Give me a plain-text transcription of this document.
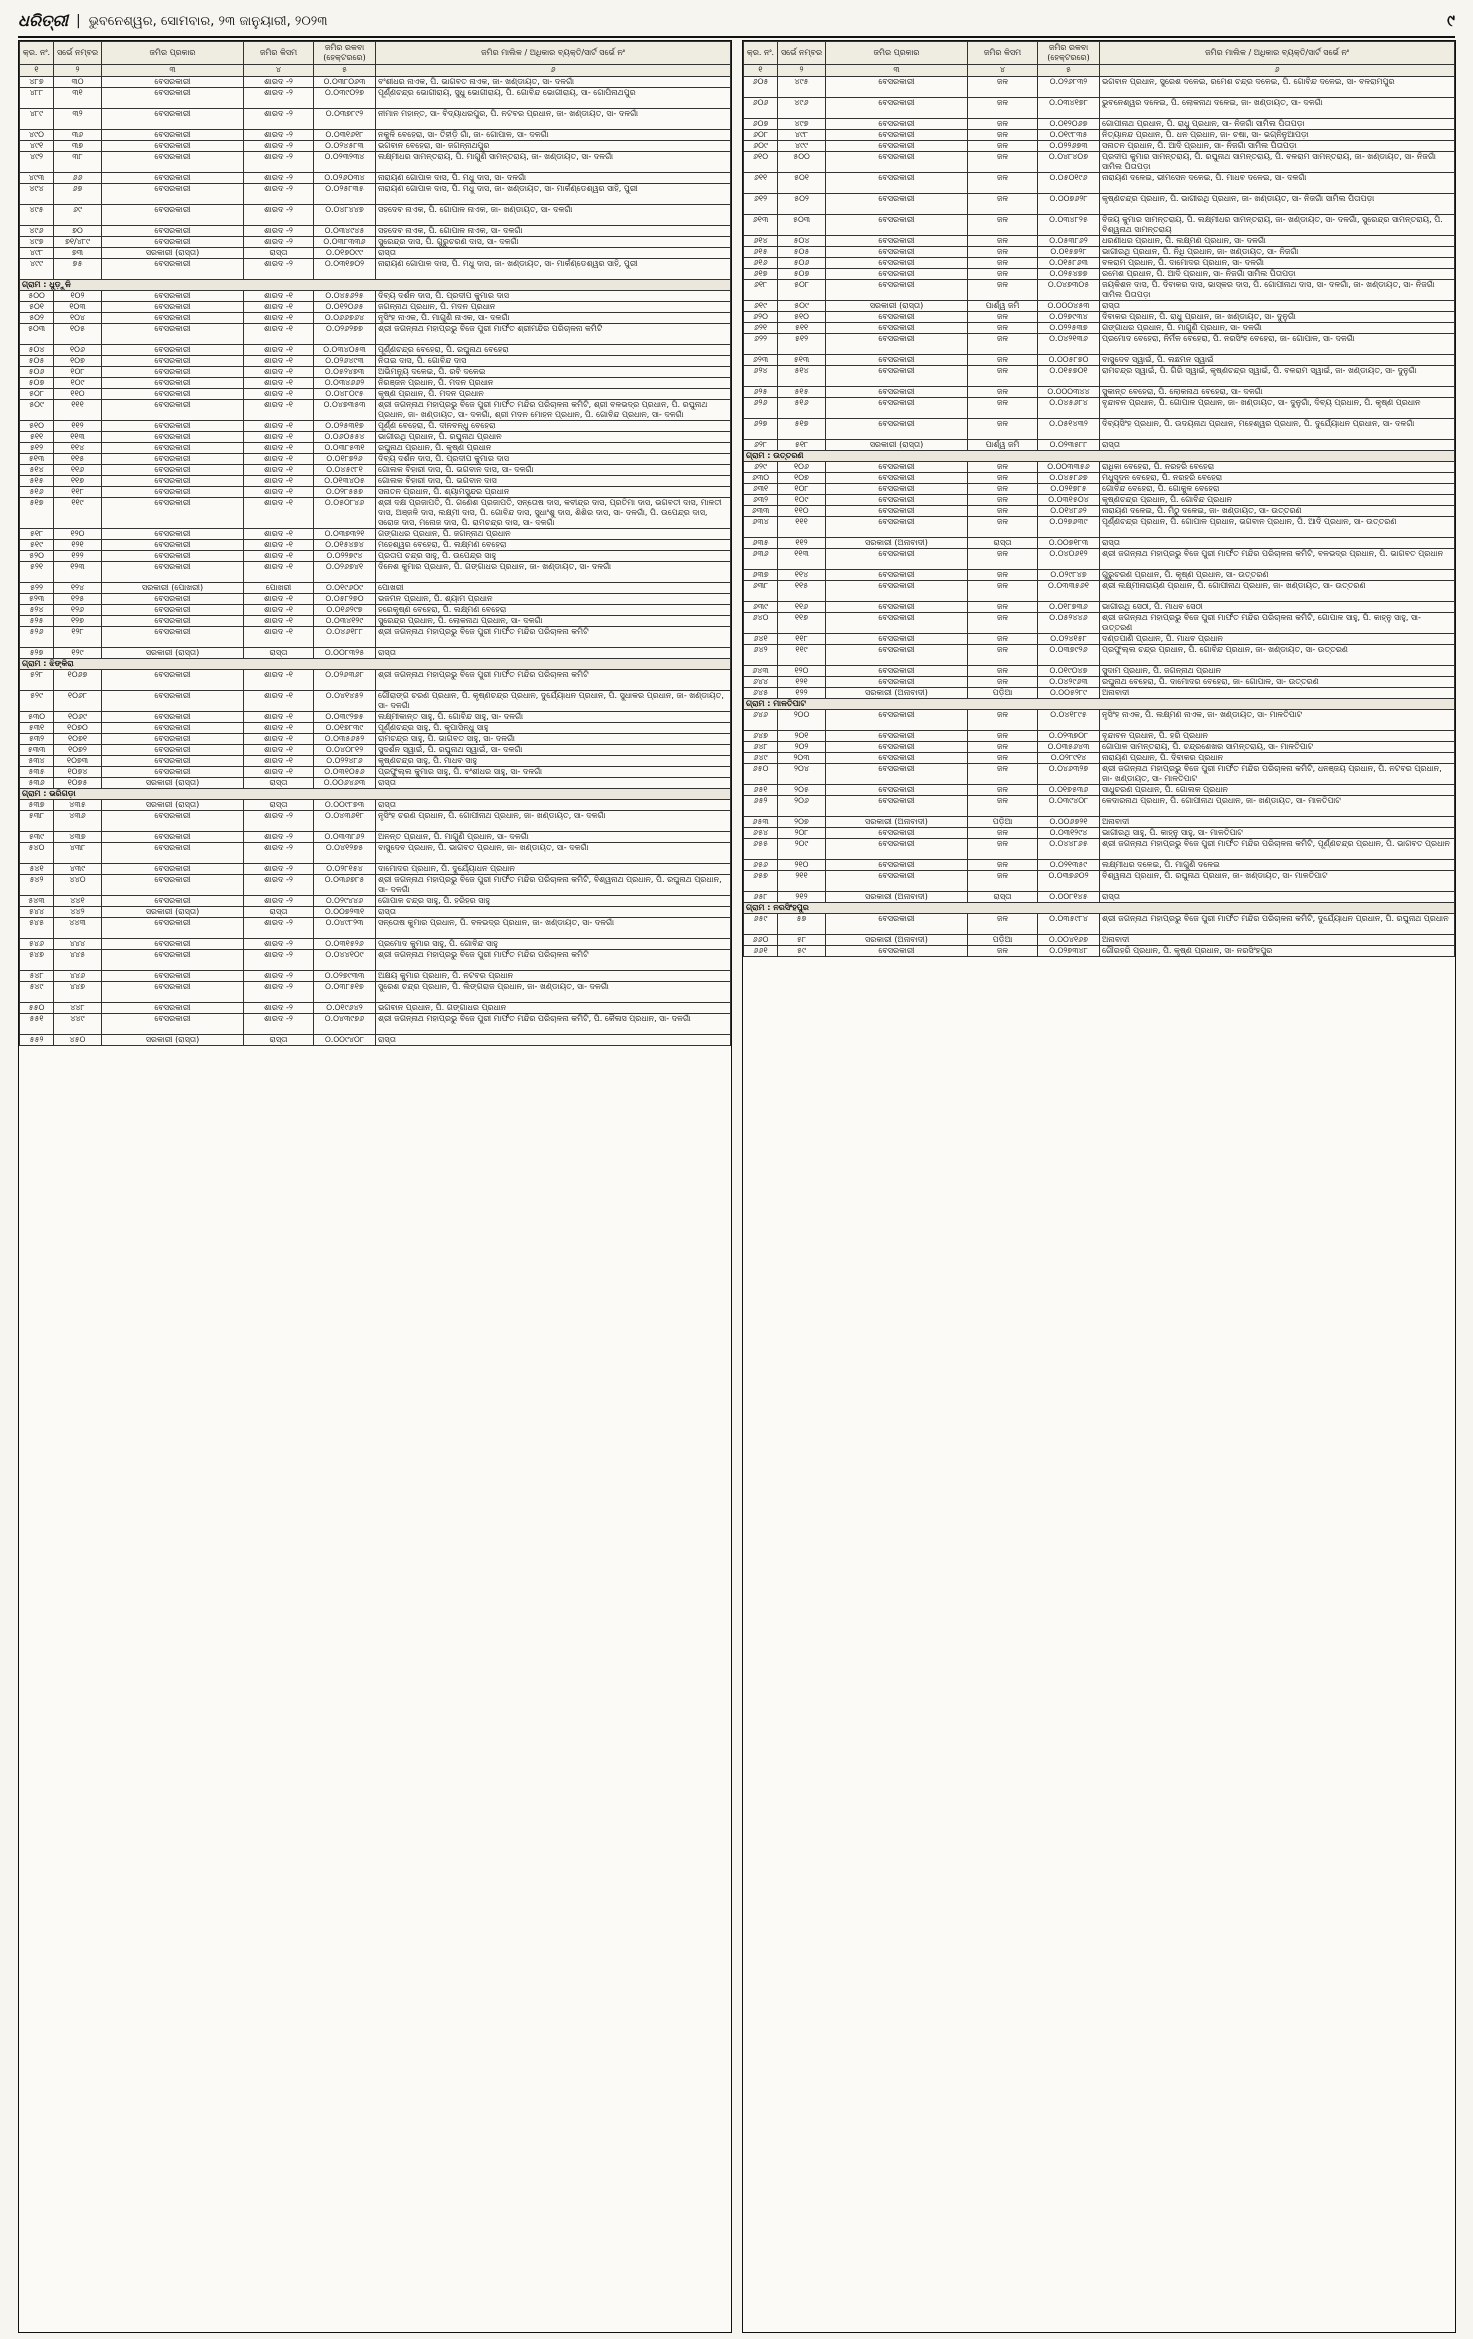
ଧରିତ୍ରୀ | ଭୁବନେଶ୍ୱର, ସୋମବାର, ୨୩ ଜାନୁୟାରୀ, ୨୦୨୩	୯
କ୍ର. ନଂ.	ସର୍ଭେ ନମ୍ବର	ଜମିର ପ୍ରକାର	ଜମିର କିସମ	ଜମିର ରକବା (ହେକ୍ଟରରେ)	ଜମିର ମାଲିକ / ଅଧିକାର ବ୍ୟକ୍ତି/ସାର୍ଟ ସର୍ଭେ ନଂ
୧	୨	୩	୪	୫	୬
୪୮୭	୩୦	ବେସରକାରୀ	ଶାରଦ -୨	୦.୦୩୮୦୬୩	ବଂଶୀଧର ନାଏକ, ପି. ଭାଗବତ ନାଏକ, ଜା- ଖଣ୍ଡାୟତ, ସା- ଦଳଗାଁ
୪୮୮	୩୧	ବେସରକାରୀ	ଶାରଦ -୨	୦.୦୩୯୦୨୭	ପୂର୍ଣ୍ଣଚନ୍ଦ୍ର ଭୋଗୀରାୟ, ସୁଧୁ ଭୋଗୀରାୟ, ପି. ଗୋବିନ୍ଦ ଭୋଗୀରାୟ, ସା- ଗୋପିନାଥପୁର
୪୮୯	୩୨	ବେସରକାରୀ	ଶାରଦ -୨	୦.୦୩୭୮୯୨	ନୀମାନ ମହାନ୍ତ, ସା- ବିଦ୍ୟାଧରପୁର, ପି. ନଟବର ପ୍ରଧାନ, ଜା- ଖଣ୍ଡାୟତ, ସା- ଦଳଗାଁ
୪୯୦	୩୬	ବେସରକାରୀ	ଶାରଦ -୨	୦.୦୩୧୬୧୮	ନକୁଳି ବେହେରା, ସା- ତିହୀଡ଼ି ଗାଁ, ଜା- ଗୋପାଳ, ସା- ଦଳଗାଁ
୪୯୧	୩୭	ବେସରକାରୀ	ଶାରଦ -୨	୦.୦୨୪୫୮୩	ଭଗବାନ ବେହେରା, ସା- ଜଗନ୍ନାଥପୁର
୪୯୨	୩୮	ବେସରକାରୀ	ଶାରଦ -୨	୦.୦୨୩୨୩୪	ଲକ୍ଷ୍ମୀଧର ସାମନ୍ତରାୟ, ପି. ମାଗୁଣି ସାମନ୍ତରାୟ, ଜା- ଖଣ୍ଡାୟତ, ସା- ଦଳଗାଁ
୪୯୩	୬୬	ବେସରକାରୀ	ଶାରଦ -୨	୦.୦୨୬୦୩୪	ନାରାୟଣ ଗୋପାଳ ଦାସ, ପି. ମଧୁ ଦାସ, ସା- ଦଳଗାଁ
୪୯୪	୬୭	ବେସରକାରୀ	ଶାରଦ -୨	୦.୦୨୫୮୩୫	ନାରାୟଣ ଗୋପାଳ ଦାସ, ପି. ମଧୁ ଦାସ, ଜା- ଖଣ୍ଡାୟତ, ସା- ମାର୍କଣ୍ଡେଶ୍ୱର ସାହି, ପୁରୀ
୪୯୫	୬୯	ବେସରକାରୀ	ଶାରଦ -୨	୦.୦୪୮୪୪୭	ସହଦେବ ନାଏକ, ପି. ଗୋପାଳ ନାଏକ, ଜା- ଖଣ୍ଡାୟତ, ସା- ଦଳଗାଁ
୪୯୬	୭୦	ବେସରକାରୀ	ଶାରଦ -୨	୦.୦୩୪୯୪୫	ସହଦେବ ନାଏକ, ପି. ଗୋପାଳ ନାଏକ, ସା- ଦଳଗାଁ
୪୯୭	୭୧/୪୮୯	ବେସରକାରୀ	ଶାରଦ -୨	୦.୦୩୮୩୩୬	ସୁରେନ୍ଦ୍ର ଦାସ, ପି. ଗୁରୁଚରଣ ଦାସ, ସା- ଦଳଗାଁ
୪୯୮	୭୩	ସରକାରୀ (ରାସ୍ତା)	ରାସ୍ତା	୦.୦୧୭୦୯୯	ରାସ୍ତା
୪୯୯	୭୫	ବେସରକାରୀ	ଶାରଦ -୨	୦.୦୩୧୭୦୨	ନାରାୟଣ ଗୋପାଳ ଦାସ, ପି. ମଧୁ ଦାସ, ଜା- ଖଣ୍ଡାୟତ, ସା- ମାର୍କଣ୍ଡେଶ୍ୱର ସାହି, ପୁରୀ
ଗ୍ରାମ : ଧୁଡ଼ୁଳି					
୫୦୦	୧୦୨	ବେସରକାରୀ	ଶାରଦ -୧	୦.୦୪୫୬୨୫	ଦିବ୍ୟ ଦର୍ଶନ ଦାସ, ପି. ପ୍ରଦୀପ କୁମାର ଦାସ
୫୦୧	୧୦୩	ବେସରକାରୀ	ଶାରଦ -୧	୦.୦୧୨୦୬୫	ଜଗନ୍ନାଥ ପ୍ରଧାନ, ପି. ମଦନ ପ୍ରଧାନ
୫୦୨	୧୦୪	ବେସରକାରୀ	ଶାରଦ -୧	୦.୦୬୬୭୬୪	ନୃସିଂହ ନାଏକ, ପି. ମାଗୁଣି ନାଏକ, ସା- ଦଳଗାଁ
୫୦୩	୧୦୫	ବେସରକାରୀ	ଶାରଦ -୧	୦.୦୨୬୨୭୭	ଶ୍ରୀ ଜଗନ୍ନାଥ ମହାପ୍ରଭୁ ବିଜେ ପୁରୀ ମାର୍ଫତ ଶ୍ରୀମନ୍ଦିର ପରିଚାଳନା କମିଟି
୫୦୪	୧୦୬	ବେସରକାରୀ	ଶାରଦ -୧	୦.୦୩୪୦୫୩	ପୂର୍ଣ୍ଣଚନ୍ଦ୍ର ବେହେରା, ପି. ରଘୁନାଥ ବେହେରା
୫୦୫	୧୦୭	ବେସରକାରୀ	ଶାରଦ -୧	୦.୦୨୬୪୯୩	ନିତାଇ ଦାସ, ପି. ଗୋବିନ୍ଦ ଦାସ
୫୦୬	୧୦୮	ବେସରକାରୀ	ଶାରଦ -୧	୦.୦୫୨୪୭୩	ଅଭିମନ୍ୟୁ ଦଳେଇ, ପି. ରବି ଦଳେଇ
୫୦୭	୧୦୯	ବେସରକାରୀ	ଶାରଦ -୧	୦.୦୩୪୬୬୨	ନିରଞ୍ଜନ ପ୍ରଧାନ, ପି. ମଦନ ପ୍ରଧାନ
୫୦୮	୧୧୦	ବେସରକାରୀ	ଶାରଦ -୧	୦.୦୪୮୦୯୫	କୃଷ୍ଣ ପ୍ରଧାନ, ପି. ମଦନ ପ୍ରଧାନ
୫୦୯	୧୧୧	ବେସରକାରୀ	ଶାରଦ -୧	୦.୦୪୭୩୫୩	ଶ୍ରୀ ଜଗନ୍ନାଥ ମହାପ୍ରଭୁ ବିଜେ ପୁରୀ ମାର୍ଫତ ମନ୍ଦିର ପରିଚାଳନା କମିଟି, ଶ୍ରୀ ବଳଭଦ୍ର ପ୍ରଧାନ, ପି. ରଘୁନାଥ ପ୍ରଧାନ, ଜା- ଖଣ୍ଡାୟତ, ସା- ଦଳଗାଁ, ଶ୍ରୀ ମଦନ ମୋହନ ପ୍ରଧାନ, ପି. ଗୋବିନ୍ଦ ପ୍ରଧାନ, ସା- ଦଳଗାଁ
୫୧୦	୧୧୨	ବେସରକାରୀ	ଶାରଦ -୧	୦.୦୨୫୩୧୭	ପୂର୍ଣ୍ଣ ବେହେରା, ପି. ଦୀନବନ୍ଧୁ ବେହେରା
୫୧୧	୧୧୩	ବେସରକାରୀ	ଶାରଦ -୧	୦.୦୬୦୫୫୪	ଭାଗୀରଥି ପ୍ରଧାନ, ପି. ରଘୁନାଥ ପ୍ରଧାନ
୫୧୨	୧୧୪	ବେସରକାରୀ	ଶାରଦ -୧	୦.୦୩୮୫୩୧	ରଘୁନାଥ ପ୍ରଧାନ, ପି. କୃଷ୍ଣ ପ୍ରଧାନ
୫୧୩	୧୧୫	ବେସରକାରୀ	ଶାରଦ -୧	୦.୦୧୮୭୨୬	ଦିବ୍ୟ ଦର୍ଶନ ଦାସ, ପି. ପ୍ରଦୀପ କୁମାର ଦାସ
୫୧୪	୧୧୬	ବେସରକାରୀ	ଶାରଦ -୧	୦.୦୪୫୯୮୧	ଗୋଲକ ବିହାରୀ ଦାସ, ପି. ଭଗବାନ ଦାସ, ସା- ଦଳଗାଁ
୫୧୫	୧୧୭	ବେସରକାରୀ	ଶାରଦ -୧	୦.୦୧୩୪୦୫	ଗୋଲକ ବିହାରୀ ଦାସ, ପି. ଭଗବାନ ଦାସ
୫୧୬	୧୧୮	ବେସରକାରୀ	ଶାରଦ -୧	୦.୦୨୮୫୫୭	ସନାତନ ପ୍ରଧାନ, ପି. ଶ୍ୟାମସୁନ୍ଦର ପ୍ରଧାନ
୫୧୭	୧୧୯	ବେସରକାରୀ	ଶାରଦ -୧	୦.୦୫୦୮୪୬	ଶ୍ରୀ ଦକ୍ଷ ପ୍ରଜାପତି, ପି. ଗଣେଶ ପ୍ରଜାପତି, ସନ୍ତୋଷ ଦାସ, କବୀନ୍ଦ୍ର ଦାସ, ପ୍ରତିମା ଦାସ, ଭଗବତୀ ଦାସ, ମାଳତୀ ଦାସ, ଅଞ୍ଜଳି ଦାସ, ଲକ୍ଷ୍ମୀ ଦାସ, ପି. ଗୋବିନ୍ଦ ଦାସ, ସୁଧାଂଶୁ ଦାସ, ଶିଶିର ଦାସ, ସା- ଦଳଗାଁ, ପି. ଉପେନ୍ଦ୍ର ଦାସ, ସରୋଜ ଦାସ, ମନୋଜ ଦାସ, ପି. ରାମଚନ୍ଦ୍ର ଦାସ, ସା- ଦଳଗାଁ
୫୧୮	୧୨୦	ବେସରକାରୀ	ଶାରଦ -୧	୦.୦୩୭୩୨୧	ଗଙ୍ଗାଧର ପ୍ରଧାନ, ପି. ଜଗନ୍ନାଥ ପ୍ରଧାନ
୫୧୯	୧୨୧	ବେସରକାରୀ	ଶାରଦ -୧	୦.୦୧୫୪୭୪	ମହେଶ୍ୱର ବେହେରା, ପି. ଲକ୍ଷ୍ମଣ ବେହେରା
୫୨୦	୧୨୨	ବେସରକାରୀ	ଶାରଦ -୧	୦.୦୨୨୭୯୪	ପ୍ରତାପ ଚନ୍ଦ୍ର ସାହୁ, ପି. ଉପେନ୍ଦ୍ର ସାହୁ
୫୨୧	୧୨୩	ବେସରକାରୀ	ଶାରଦ -୧	୦.୦୨୬୭୪୧	ଦିନେଶ କୁମାର ପ୍ରଧାନ, ପି. ଗଙ୍ଗାଧର ପ୍ରଧାନ, ଜା- ଖଣ୍ଡାୟତ, ସା- ଦଳଗାଁ
୫୨୨	୧୨୪	ସରକାରୀ (ପୋଖରୀ)	ପୋଖରୀ	୦.୦୧୯୬୦୯	ପୋଖରୀ
୫୨୩	୧୨୫	ବେସରକାରୀ	ଶାରଦ -୧	୦.୦୫୮୨୭୦	ଭଜମନ ପ୍ରଧାନ, ପି. ଶ୍ୟାମ ପ୍ରଧାନ
୫୨୪	୧୨୬	ବେସରକାରୀ	ଶାରଦ -୧	୦.୦୧୬୨୯୭	ହରେକୃଷ୍ଣ ବେହେରା, ପି. ଲକ୍ଷ୍ମଣ ବେହେରା
୫୨୫	୧୨୭	ବେସରକାରୀ	ଶାରଦ -୧	୦.୦୩୪୧୨୯	ସୁରେନ୍ଦ୍ର ପ୍ରଧାନ, ପି. ଲୋକନାଥ ପ୍ରଧାନ, ସା- ଦଳଗାଁ
୫୨୬	୧୨୮	ବେସରକାରୀ	ଶାରଦ -୧	୦.୦୪୬୧୮୮	ଶ୍ରୀ ଜଗନ୍ନାଥ ମହାପ୍ରଭୁ ବିଜେ ପୁରୀ ମାର୍ଫତ ମନ୍ଦିର ପରିଚାଳନା କମିଟି
୫୨୭	୧୨୯	ସରକାରୀ (ରାସ୍ତା)	ରାସ୍ତା	୦.୦୦୮୩୨୫	ରାସ୍ତା
ଗ୍ରାମ : ଝିଙ୍କିରା					
୫୨୮	୧୦୬୭	ବେସରକାରୀ	ଶାରଦ -୧	୦.୦୨୬୩୬୮	ଶ୍ରୀ ଜଗନ୍ନାଥ ମହାପ୍ରଭୁ ବିଜେ ପୁରୀ ମାର୍ଫତ ମନ୍ଦିର ପରିଚାଳନା କମିଟି
୫୨୯	୧୦୬୮	ବେସରକାରୀ	ଶାରଦ -୧	୦.୦୪୧୪୫୨	ଗୌରାଙ୍ଗ ଚରଣ ପ୍ରଧାନ, ପି. କୃଷ୍ଣଚନ୍ଦ୍ର ପ୍ରଧାନ, ଦୁର୍ଯ୍ୟୋଧନ ପ୍ରଧାନ, ପି. ସୁଧାକର ପ୍ରଧାନ, ଜା- ଖଣ୍ଡାୟତ, ସା- ଦଳଗାଁ
୫୩୦	୧୦୬୯	ବେସରକାରୀ	ଶାରଦ -୧	୦.୦୩୯୨୭୫	ଲକ୍ଷ୍ମୀକାନ୍ତ ସାହୁ, ପି. ଗୋବିନ୍ଦ ସାହୁ, ସା- ଦଳଗାଁ
୫୩୧	୧୦୭୦	ବେସରକାରୀ	ଶାରଦ -୧	୦.୦୧୭୮୩୯	ପୂର୍ଣ୍ଣଚନ୍ଦ୍ର ସାହୁ, ପି. କୃପାସିନ୍ଧୁ ସାହୁ
୫୩୨	୧୦୭୧	ବେସରକାରୀ	ଶାରଦ -୧	୦.୦୩୫୬୫୨	ରାମଚନ୍ଦ୍ର ସାହୁ, ପି. ଭାଗବତ ସାହୁ, ସା- ଦଳଗାଁ
୫୩୩	୧୦୭୨	ବେସରକାରୀ	ଶାରଦ -୧	୦.୦୪୦୮୧୨	ସୁଦର୍ଶନ ସ୍ୱାଇଁ, ପି. ରଘୁନାଥ ସ୍ୱାଇଁ, ସା- ଦଳଗାଁ
୫୩୪	୧୦୭୩	ବେସରକାରୀ	ଶାରଦ -୧	୦.୦୨୨୪୮୬	କୃଷ୍ଣଚନ୍ଦ୍ର ସାହୁ, ପି. ମାଧବ ସାହୁ
୫୩୫	୧୦୭୪	ବେସରକାରୀ	ଶାରଦ -୧	୦.୦୩୧୦୫୬	ପ୍ରଫୁଲ୍ଲ କୁମାର ସାହୁ, ପି. ବଂଶୀଧର ସାହୁ, ସା- ଦଳଗାଁ
୫୩୬	୧୦୭୫	ସରକାରୀ (ରାସ୍ତା)	ରାସ୍ତା	୦.୦୦୬୪୬୩	ରାସ୍ତା
ଗ୍ରାମ : ଭରିଗଡ଼ା					
୫୩୭	୪୩୫	ସରକାରୀ (ରାସ୍ତା)	ରାସ୍ତା	୦.୦୦୯୮୭୩	ରାସ୍ତା
୫୩୮	୪୩୬	ବେସରକାରୀ	ଶାରଦ -୨	୦.୦୪୩୬୧୮	ନୃସିଂହ ଚରଣ ପ୍ରଧାନ, ପି. ଗୋପୀନାଥ ପ୍ରଧାନ, ଜା- ଖଣ୍ଡାୟତ, ସା- ଦଳଗାଁ
୫୩୯	୪୩୭	ବେସରକାରୀ	ଶାରଦ -୨	୦.୦୩୩୮୬୨	ଅନନ୍ତ ପ୍ରଧାନ, ପି. ମାଗୁଣି ପ୍ରଧାନ, ସା- ଦଳଗାଁ
୫୪୦	୪୩୮	ବେସରକାରୀ	ଶାରଦ -୨	୦.୦୪୧୨୭୫	ବାସୁଦେବ ପ୍ରଧାନ, ପି. ଭାଗବତ ପ୍ରଧାନ, ଜା- ଖଣ୍ଡାୟତ, ସା- ଦଳଗାଁ
୫୪୧	୪୩୯	ବେସରକାରୀ	ଶାରଦ -୨	୦.୦୨୮୧୫୪	ଦାମୋଦର ପ୍ରଧାନ, ପି. ଦୁର୍ଯ୍ୟୋଧନ ପ୍ରଧାନ
୫୪୨	୪୪୦	ବେସରକାରୀ	ଶାରଦ -୨	୦.୦୩୬୭୮୫	ଶ୍ରୀ ଜଗନ୍ନାଥ ମହାପ୍ରଭୁ ବିଜେ ପୁରୀ ମାର୍ଫତ ମନ୍ଦିର ପରିଚାଳନା କମିଟି, ବିଶ୍ୱନାଥ ପ୍ରଧାନ, ପି. ରଘୁନାଥ ପ୍ରଧାନ, ସା- ଦଳଗାଁ
୫୪୩	୪୪୧	ବେସରକାରୀ	ଶାରଦ -୨	୦.୦୨୯୪୪୬	ଗୋପାଳ ଚନ୍ଦ୍ର ସାହୁ, ପି. ହରିହର ସାହୁ
୫୪୪	୪୪୨	ସରକାରୀ (ରାସ୍ତା)	ରାସ୍ତା	୦.୦୦୭୨୩୧	ରାସ୍ତା
୫୪୫	୪୪୩	ବେସରକାରୀ	ଶାରଦ -୨	୦.୦୪୯୮୨୩	ସନ୍ତୋଷ କୁମାର ପ୍ରଧାନ, ପି. ବଳଭଦ୍ର ପ୍ରଧାନ, ଜା- ଖଣ୍ଡାୟତ, ସା- ଦଳଗାଁ
୫୪୬	୪୪୪	ବେସରକାରୀ	ଶାରଦ -୨	୦.୦୩୧୫୨୬	ପ୍ରମୋଦ କୁମାର ସାହୁ, ପି. ଗୋବିନ୍ଦ ସାହୁ
୫୪୭	୪୪୫	ବେସରକାରୀ	ଶାରଦ -୨	୦.୦୪୪୧୦୯	ଶ୍ରୀ ଜଗନ୍ନାଥ ମହାପ୍ରଭୁ ବିଜେ ପୁରୀ ମାର୍ଫତ ମନ୍ଦିର ପରିଚାଳନା କମିଟି
୫୪୮	୪୪୬	ବେସରକାରୀ	ଶାରଦ -୨	୦.୦୨୭୯୩୩	ଅକ୍ଷୟ କୁମାର ପ୍ରଧାନ, ପି. ନଟବର ପ୍ରଧାନ
୫୪୯	୪୪୭	ବେସରକାରୀ	ଶାରଦ -୨	୦.୦୩୮୫୧୭	ସୁରେଶ ଚନ୍ଦ୍ର ପ୍ରଧାନ, ପି. ଲିଙ୍ଗରାଜ ପ୍ରଧାନ, ଜା- ଖଣ୍ଡାୟତ, ସା- ଦଳଗାଁ
୫୫୦	୪୪୮	ବେସରକାରୀ	ଶାରଦ -୨	୦.୦୧୯୬୪୨	ଭଗବାନ ପ୍ରଧାନ, ପି. ଗଙ୍ଗାଧର ପ୍ରଧାନ
୫୫୧	୪୪୯	ବେସରକାରୀ	ଶାରଦ -୨	୦.୦୪୩୯୭୬	ଶ୍ରୀ ଜଗନ୍ନାଥ ମହାପ୍ରଭୁ ବିଜେ ପୁରୀ ମାର୍ଫତ ମନ୍ଦିର ପରିଚାଳନା କମିଟି, ପି. କୈଳାସ ପ୍ରଧାନ, ସା- ଦଳଗାଁ
୫୫୨	୪୫୦	ସରକାରୀ (ରାସ୍ତା)	ରାସ୍ତା	୦.୦୦୯୪୦୮	ରାସ୍ତା
କ୍ର. ନଂ.	ସର୍ଭେ ନମ୍ବର	ଜମିର ପ୍ରକାର	ଜମିର କିସମ	ଜମିର ରକବା (ହେକ୍ଟରରେ)	ଜମିର ମାଲିକ / ଅଧିକାର ବ୍ୟକ୍ତି/ସାର୍ଟ ସର୍ଭେ ନଂ
୧	୨	୩	୪	୫	୬
୬୦୫	୪୯୫	ବେସରକାରୀ	ଜଳ	୦.୦୨୬୮୩୨	ଭଗବାନ ପ୍ରଧାନ, ସୁରେଶ ଦଳେଇ, ରମେଶ ଚନ୍ଦ୍ର ଦଳେଇ, ପି. ଗୋବିନ୍ଦ ଦଳେଇ, ସା- ବଳରାମପୁର
୬୦୬	୪୯୬	ବେସରକାରୀ	ଜଳ	୦.୦୩୪୧୭୮	ଭୁବନେଶ୍ୱର ଦଳେଇ, ପି. ଲୋକନାଥ ଦଳେଇ, ଜା- ଖଣ୍ଡାୟତ, ସା- ଦଳଗାଁ
୬୦୭	୪୯୭	ବେସରକାରୀ	ଜଳ	୦.୦୧୨୦୬୭	ଗୋପୀନାଥ ପ୍ରଧାନ, ପି. ରାଧୁ ପ୍ରଧାନ, ସା- ନିଜଗାଁ ସାମିଲ ପିତାପଡ଼ା
୬୦୮	୪୯୮	ବେସରକାରୀ	ଜଳ	୦.୦୧୯୮୩୫	ନିତ୍ୟାନନ୍ଦ ପ୍ରଧାନ, ପି. ଧନ ପ୍ରଧାନ, ଜା- ଚଷା, ସା- ଭଗ୍ନିନୁଆପଡ଼ା
୬୦୯	୪୯୯	ବେସରକାରୀ	ଜଳ	୦.୦୨୨୬୭୩	ସନାତନ ପ୍ରଧାନ, ପି. ଆଦି ପ୍ରଧାନ, ସା- ନିଜଗାଁ ସାମିଲ ପିତାପଡ଼ା
୬୧୦	୫୦୦	ବେସରକାରୀ	ଜଳ	୦.୦୪୮୪୦୭	ପ୍ରଦୀପ କୁମାର ସାମନ୍ତରାୟ, ପି. ରଘୁନାଥ ସାମନ୍ତରାୟ, ପି. ବଳରାମ ସାମନ୍ତରାୟ, ଜା- ଖଣ୍ଡାୟତ, ସା- ନିଜଗାଁ ସାମିଲ ପିତାପଡ଼ା
୬୧୧	୫୦୧	ବେସରକାରୀ	ଜଳ	୦.୦୫୦୧୯୬	ନାରାୟଣ ଦଳେଇ, ଭୀମସେନ ଦଳେଇ, ପି. ମାଧବ ଦଳେଇ, ସା- ଦଳଗାଁ
୬୧୨	୫୦୨	ବେସରକାରୀ	ଜଳ	୦.୦୦୭୬୨୮	କୃଷ୍ଣଚନ୍ଦ୍ର ପ୍ରଧାନ, ପି. ଭାଗୀରଥି ପ୍ରଧାନ, ଜା- ଖଣ୍ଡାୟତ, ସା- ନିଜଗାଁ ସାମିଲ ପିତାପଡ଼ା
୬୧୩	୫୦୩	ବେସରକାରୀ	ଜଳ	୦.୦୩୪୮୨୫	ବିଜୟ କୁମାର ସାମନ୍ତରାୟ, ପି. ଲକ୍ଷ୍ମୀଧର ସାମନ୍ତରାୟ, ଜା- ଖଣ୍ଡାୟତ, ସା- ଦଳଗାଁ, ସୁରେନ୍ଦ୍ର ସାମନ୍ତରାୟ, ପି. ବିଶ୍ୱନାଥ ସାମନ୍ତରାୟ
୬୧୪	୫୦୪	ବେସରକାରୀ	ଜଳ	୦.୦୫୩୮୬୨	ଧରଣୀଧର ପ୍ରଧାନ, ପି. ଲକ୍ଷ୍ମଣ ପ୍ରଧାନ, ସା- ଦଳଗାଁ
୬୧୫	୫୦୫	ବେସରକାରୀ	ଜଳ	୦.୦୧୫୭୨୮	ଭାଗୀରଥି ପ୍ରଧାନ, ପି. ନିଧି ପ୍ରଧାନ, ଜା- ଖଣ୍ଡାୟତ, ସା- ନିଜଗାଁ
୬୧୬	୫୦୬	ବେସରକାରୀ	ଜଳ	୦.୦୧୫୮୬୩	ବଳରାମ ପ୍ରଧାନ, ପି. ଦାମୋଦର ପ୍ରଧାନ, ସା- ଦଳଗାଁ
୬୧୭	୫୦୭	ବେସରକାରୀ	ଜଳ	୦.୦୨୫୪୭୭	ରମେଶ ପ୍ରଧାନ, ପି. ଆଦି ପ୍ରଧାନ, ସା- ନିଜଗାଁ ସାମିଲ ପିତାପଡ଼ା
୬୧୮	୫୦୮	ବେସରକାରୀ	ଜଳ	୦.୦୪୭୩୦୫	ଜୟକିଶନ ଦାସ, ପି. ଦିବାକର ଦାସ, ଭାସ୍କର ଦାସ, ପି. ଗୋପୀନାଥ ଦାସ, ସା- ଦଳଗାଁ, ଜା- ଖଣ୍ଡାୟତ, ସା- ନିଜଗାଁ ସାମିଲ ପିତାପଡ଼ା
୬୧୯	୫୦୯	ସରକାରୀ (ରାସ୍ତା)	ପାର୍ଶ୍ୱ ଜମି	୦.୦୦୦୪୫୩	ରାସ୍ତା
୬୨୦	୫୧୦	ବେସରକାରୀ	ଜଳ	୦.୦୨୭୯୩୪	ଦିବାକର ପ୍ରଧାନ, ପି. ରାଧୁ ପ୍ରଧାନ, ଜା- ଖଣ୍ଡାୟତ, ସା- ଦୁନୁଗାଁ
୬୨୧	୫୧୧	ବେସରକାରୀ	ଜଳ	୦.୦୨୨୫୩୭	ଗଙ୍ଗାଧର ପ୍ରଧାନ, ପି. ମାଗୁଣି ପ୍ରଧାନ, ସା- ଦଳଗାଁ
୬୨୨	୫୧୨	ବେସରକାରୀ	ଜଳ	୦.୦୪୨୧୩୬	ପ୍ରମୋଦ ବେହେରା, ନିର୍ମଳ ବେହେରା, ପି. ନରସିଂହ ବେହେରା, ଜା- ଗୋପାଳ, ସା- ଦଳଗାଁ
୬୨୩	୫୧୩	ବେସରକାରୀ	ଜଳ	୦.୦୦୫୮୭୦	ବାସୁଦେବ ସ୍ୱାଇଁ, ପି. ଲଛମନ ସ୍ୱାଇଁ
୬୨୪	୫୧୪	ବେସରକାରୀ	ଜଳ	୦.୦୧୫୭୦୧	ରାମଚନ୍ଦ୍ର ସ୍ୱାଇଁ, ପି. ଗିରି ସ୍ୱାଇଁ, କୃଷ୍ଣଚନ୍ଦ୍ର ସ୍ୱାଇଁ, ପି. ବଳରାମ ସ୍ୱାଇଁ, ଜା- ଖଣ୍ଡାୟତ, ସା- ଦୁନୁଗାଁ
୬୨୫	୫୧୫	ବେସରକାରୀ	ଜଳ	୦.୦୦୦୩୪୪	ସୁକାନ୍ତ ବେହେରା, ପି. ଲୋକନାଥ ବେହେରା, ସା- ଦଳଗାଁ
୬୨୬	୫୧୬	ବେସରକାରୀ	ଜଳ	୦.୦୪୫୬୮୪	ବୃନ୍ଦାବନ ପ୍ରଧାନ, ପି. ଗୋପାଳ ପ୍ରଧାନ, ଜା- ଖଣ୍ଡାୟତ, ସା- ଦୁନୁଗାଁ, ଦିବ୍ୟ ପ୍ରଧାନ, ପି. କୃଷ୍ଣ ପ୍ରଧାନ
୬୨୭	୫୧୭	ବେସରକାରୀ	ଜଳ	୦.୦୫୧୪୩୨	ଦିବ୍ୟସିଂହ ପ୍ରଧାନ, ପି. ଉଦୟନାଥ ପ୍ରଧାନ, ମହେଶ୍ୱର ପ୍ରଧାନ, ପି. ଦୁର୍ଯ୍ୟୋଧନ ପ୍ରଧାନ, ସା- ଦଳଗାଁ
୬୨୮	୫୧୮	ସରକାରୀ (ରାସ୍ତା)	ପାର୍ଶ୍ୱ ଜମି	୦.୦୨୩୫୮୮	ରାସ୍ତା
ଗ୍ରାମ : ଉତ୍ତରଣ					
୬୨୯	୧୦୬	ବେସରକାରୀ	ଜଳ	୦.୦୦୩୩୫୬	ରାଧିକା ବେହେରା, ପି. ନରହରି ବେହେରା
୬୩୦	୧୦୭	ବେସରକାରୀ	ଜଳ	୦.୦୪୫୮୬୭	ମଧୁସୂଦନ ବେହେରା, ପି. ନରହରି ବେହେରା
୬୩୧	୧୦୮	ବେସରକାରୀ	ଜଳ	୦.୦୨୧୭୮୫	ଗୋବିନ୍ଦ ବେହେରା, ପି. ଗୋକୁଳ ବେହେରା
୬୩୨	୧୦୯	ବେସରକାରୀ	ଜଳ	୦.୦୩୧୫୦୪	କୃଷ୍ଣଚନ୍ଦ୍ର ପ୍ରଧାନ, ପି. ଗୋବିନ୍ଦ ପ୍ରଧାନ
୬୩୩	୧୧୦	ବେସରକାରୀ	ଜଳ	୦.୦୧୪୮୬୨	ନାରାୟଣ ଦଳେଇ, ପି. ମିଠୁ ଦଳେଇ, ଜା- ଖଣ୍ଡାୟତ, ସା- ଉତ୍ତରଣ
୬୩୪	୧୧୧	ବେସରକାରୀ	ଜଳ	୦.୦୨୭୬୩୯	ପୂର୍ଣ୍ଣଚନ୍ଦ୍ର ପ୍ରଧାନ, ପି. ଗୋପାଳ ପ୍ରଧାନ, ଭଗବାନ ପ୍ରଧାନ, ପି. ଆଦି ପ୍ରଧାନ, ସା- ଉତ୍ତରଣ
୬୩୫	୧୧୨	ସରକାରୀ (ଅନାବାଦୀ)	ରାସ୍ତା	୦.୦୦୭୧୮୩	ରାସ୍ତା
୬୩୬	୧୧୩	ବେସରକାରୀ	ଜଳ	୦.୦୪୦୬୧୨	ଶ୍ରୀ ଜଗନ୍ନାଥ ମହାପ୍ରଭୁ ବିଜେ ପୁରୀ ମାର୍ଫତ ମନ୍ଦିର ପରିଚାଳନା କମିଟି, ବଳଭଦ୍ର ପ୍ରଧାନ, ପି. ଭାଗବତ ପ୍ରଧାନ
୬୩୭	୧୧୪	ବେସରକାରୀ	ଜଳ	୦.୦୨୯୮୪୭	ଗୁରୁଚରଣ ପ୍ରଧାନ, ପି. କୃଷ୍ଣ ପ୍ରଧାନ, ସା- ଉତ୍ତରଣ
୬୩୮	୧୧୫	ବେସରକାରୀ	ଜଳ	୦.୦୩୩୫୬୧	ଶ୍ରୀ ଲକ୍ଷ୍ମୀନାରାୟଣ ପ୍ରଧାନ, ପି. ଗୋପୀନାଥ ପ୍ରଧାନ, ଜା- ଖଣ୍ଡାୟତ, ସା- ଉତ୍ତରଣ
୬୩୯	୧୧୬	ବେସରକାରୀ	ଜଳ	୦.୦୧୮୭୩୬	ଭାଗୀରଥି ସେଠୀ, ପି. ମାଧବ ସେଠୀ
୬୪୦	୧୧୭	ବେସରକାରୀ	ଜଳ	୦.୦୫୨୪୪୬	ଶ୍ରୀ ଜଗନ୍ନାଥ ମହାପ୍ରଭୁ ବିଜେ ପୁରୀ ମାର୍ଫତ ମନ୍ଦିର ପରିଚାଳନା କମିଟି, ଗୋପାଳ ସାହୁ, ପି. କାହ୍ନୁ ସାହୁ, ସା- ଉତ୍ତରଣ
୬୪୧	୧୧୮	ବେସରକାରୀ	ଜଳ	୦.୦୨୪୧୫୮	ଦଣ୍ଡପାଣି ପ୍ରଧାନ, ପି. ମାଧବ ପ୍ରଧାନ
୬୪୨	୧୧୯	ବେସରକାରୀ	ଜଳ	୦.୦୩୭୯୨୬	ପ୍ରଫୁଲ୍ଲ ଚନ୍ଦ୍ର ପ୍ରଧାନ, ପି. ଗୋବିନ୍ଦ ପ୍ରଧାନ, ଜା- ଖଣ୍ଡାୟତ, ସା- ଉତ୍ତରଣ
୬୪୩	୧୨୦	ବେସରକାରୀ	ଜଳ	୦.୦୧୯୦୪୭	ସୁଦାମ ପ୍ରଧାନ, ପି. ଜଗନ୍ନାଥ ପ୍ରଧାନ
୬୪୪	୧୨୧	ବେସରକାରୀ	ଜଳ	୦.୦୪୨୯୬୩	ରଘୁନାଥ ବେହେରା, ପି. ଦାମୋଦର ବେହେରା, ଜା- ଗୋପାଳ, ସା- ଉତ୍ତରଣ
୬୪୫	୧୨୨	ସରକାରୀ (ଅନାବାଦୀ)	ପଡ଼ିଆ	୦.୦୦୫୨୮୯	ଅନାବାଦୀ
ଗ୍ରାମ : ମାଳତିପାଟ					
୬୪୬	୨୦୦	ବେସରକାରୀ	ଜଳ	୦.୦୪୧୮୯୫	ନୃସିଂହ ନାଏକ, ପି. ଲକ୍ଷ୍ମଣ ନାଏକ, ଜା- ଖଣ୍ଡାୟତ, ସା- ମାଳତିପାଟ
୬୪୭	୨୦୧	ବେସରକାରୀ	ଜଳ	୦.୦୨୩୭୦୮	ବୃନ୍ଦାବନ ପ୍ରଧାନ, ପି. ହରି ପ୍ରଧାନ
୬୪୮	୨୦୨	ବେସରକାରୀ	ଜଳ	୦.୦୩୫୬୪୩	ଗୋପାଳ ସାମନ୍ତରାୟ, ପି. ଚନ୍ଦ୍ରଶେଖର ସାମନ୍ତରାୟ, ସା- ମାଳତିପାଟ
୬୪୯	୨୦୩	ବେସରକାରୀ	ଜଳ	୦.୦୨୮୯୧୪	ନାରାୟଣ ପ୍ରଧାନ, ପି. ଦିବାକର ପ୍ରଧାନ
୬୫୦	୨୦୪	ବେସରକାରୀ	ଜଳ	୦.୦୪୬୩୨୭	ଶ୍ରୀ ଜଗନ୍ନାଥ ମହାପ୍ରଭୁ ବିଜେ ପୁରୀ ମାର୍ଫତ ମନ୍ଦିର ପରିଚାଳନା କମିଟି, ଧନଞ୍ଜୟ ପ୍ରଧାନ, ପି. ନଟବର ପ୍ରଧାନ, ଜା- ଖଣ୍ଡାୟତ, ସା- ମାଳତିପାଟ
୬୫୧	୨୦୫	ବେସରକାରୀ	ଜଳ	୦.୦୧୭୫୩୬	ସାଧୁଚରଣ ପ୍ରଧାନ, ପି. ଗୋଲକ ପ୍ରଧାନ
୬୫୨	୨୦୬	ବେସରକାରୀ	ଜଳ	୦.୦୩୯୪୦୮	କେଦାରନାଥ ପ୍ରଧାନ, ପି. ଗୋପୀନାଥ ପ୍ରଧାନ, ଜା- ଖଣ୍ଡାୟତ, ସା- ମାଳତିପାଟ
୬୫୩	୨୦୭	ସରକାରୀ (ଅନାବାଦୀ)	ପଡ଼ିଆ	୦.୦୦୬୭୨୧	ଅନାବାଦୀ
୬୫୪	୨୦୮	ବେସରକାରୀ	ଜଳ	୦.୦୩୧୨୯୪	ଭାଗୀରଥି ସାହୁ, ପି. କାହ୍ନୁ ସାହୁ, ସା- ମାଳତିପାଟ
୬୫୫	୨୦୯	ବେସରକାରୀ	ଜଳ	୦.୦୪୪୮୬୫	ଶ୍ରୀ ଜଗନ୍ନାଥ ମହାପ୍ରଭୁ ବିଜେ ପୁରୀ ମାର୍ଫତ ମନ୍ଦିର ପରିଚାଳନା କମିଟି, ପୂର୍ଣ୍ଣଚନ୍ଦ୍ର ପ୍ରଧାନ, ପି. ଭାଗବତ ପ୍ରଧାନ
୬୫୬	୨୧୦	ବେସରକାରୀ	ଜଳ	୦.୦୨୧୩୫୯	ଲକ୍ଷ୍ମୀଧର ଦଳେଇ, ପି. ମାଗୁଣି ଦଳେଇ
୬୫୭	୨୧୧	ବେସରକାରୀ	ଜଳ	୦.୦୩୭୬୦୨	ବିଶ୍ୱନାଥ ପ୍ରଧାନ, ପି. ରଘୁନାଥ ପ୍ରଧାନ, ଜା- ଖଣ୍ଡାୟତ, ସା- ମାଳତିପାଟ
୬୫୮	୨୧୨	ସରକାରୀ (ଅନାବାଦୀ)	ରାସ୍ତା	୦.୦୦୮୧୪୫	ରାସ୍ତା
ଗ୍ରାମ : ନରସିଂହପୁର					
୬୫୯	୫୭	ବେସରକାରୀ	ଜଳ	୦.୦୩୫୯୮୪	ଶ୍ରୀ ଜଗନ୍ନାଥ ମହାପ୍ରଭୁ ବିଜେ ପୁରୀ ମାର୍ଫତ ମନ୍ଦିର ପରିଚାଳନା କମିଟି, ଦୁର୍ଯ୍ୟୋଧନ ପ୍ରଧାନ, ପି. ରଘୁନାଥ ପ୍ରଧାନ
୬୬୦	୫୮	ସରକାରୀ (ଅନାବାଦୀ)	ପଡ଼ିଆ	୦.୦୦୪୧୬୭	ଅନାବାଦୀ
୬୬୧	୫୯	ବେସରକାରୀ	ଜଳ	୦.୦୨୭୩୪୮	ଗୌରହରି ପ୍ରଧାନ, ପି. କୃଷ୍ଣ ପ୍ରଧାନ, ସା- ନରସିଂହପୁର
